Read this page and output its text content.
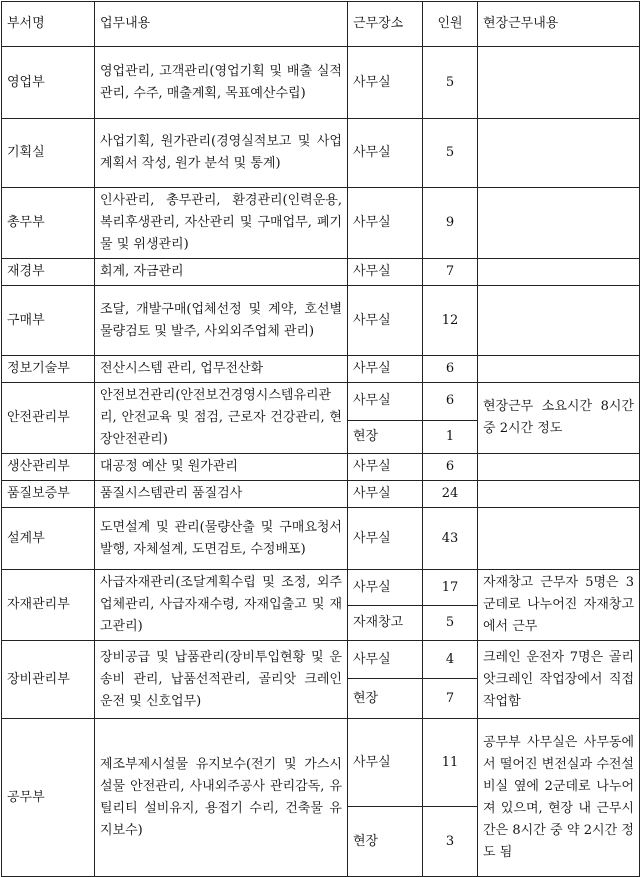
부서명	업무내용	근무장소	인원	현장근무내용
영업부	영업관리, 고객관리(영업기획 및 배출 실적관리, 수주, 매출계획, 목표예산수립)	사무실	5	
기획실	사업기획, 원가관리(경영실적보고 및 사업계획서 작성, 원가 분석 및 통계)	사무실	5	
총무부	인사관리, 총무관리, 환경관리(인력운용, 복리후생관리, 자산관리 및 구매업무, 폐기물 및 위생관리)	사무실	9	
재경부	회계, 자금관리	사무실	7	
구매부	조달, 개발구매(업체선정 및 계약, 호선별 물량검토 및 발주, 사외외주업체 관리)	사무실	12	
정보기술부	전산시스템 관리, 업무전산화	사무실	6	
안전관리부	안전보건관리(안전보건경영시스템유리관리, 안전교육 및 점검, 근로자 건강관리, 현장안전관리)	사무실	6	현장근무 소요시간 8시간 중 2시간 정도
		현장	1	
생산관리부	대공정 예산 및 원가관리	사무실	6	
품질보증부	품질시스템관리 품질검사	사무실	24	
설계부	도면설계 및 관리(물량산출 및 구매요청서 발행, 자체설계, 도면검토, 수정배포)	사무실	43	
자재관리부	사급자재관리(조달계획수립 및 조정, 외주업체관리, 사급자재수령, 자재입출고 및 재고관리)	사무실	17	자재창고 근무자 5명은 3군데로 나누어진 자재창고에서 근무
		자재창고	5	
장비관리부	장비공급 및 납품관리(장비투입현황 및 운송비 관리, 납품선적관리, 골리앗 크레인 운전 및 신호업무)	사무실	4	크레인 운전자 7명은 골리앗크레인 작업장에서 직접 작업함
		현장	7	
공무부	제조부제시설물 유지보수(전기 및 가스시설물 안전관리, 사내외주공사 관리감독, 유틸리티 설비유지, 용접기 수리, 건축물 유지보수)	사무실	11	공무부 사무실은 사무동에서 떨어진 변전실과 수전설비실 옆에 2군데로 나누어져 있으며, 현장 내 근무시간은 8시간 중 약 2시간 정도 됨
		현장	3	
